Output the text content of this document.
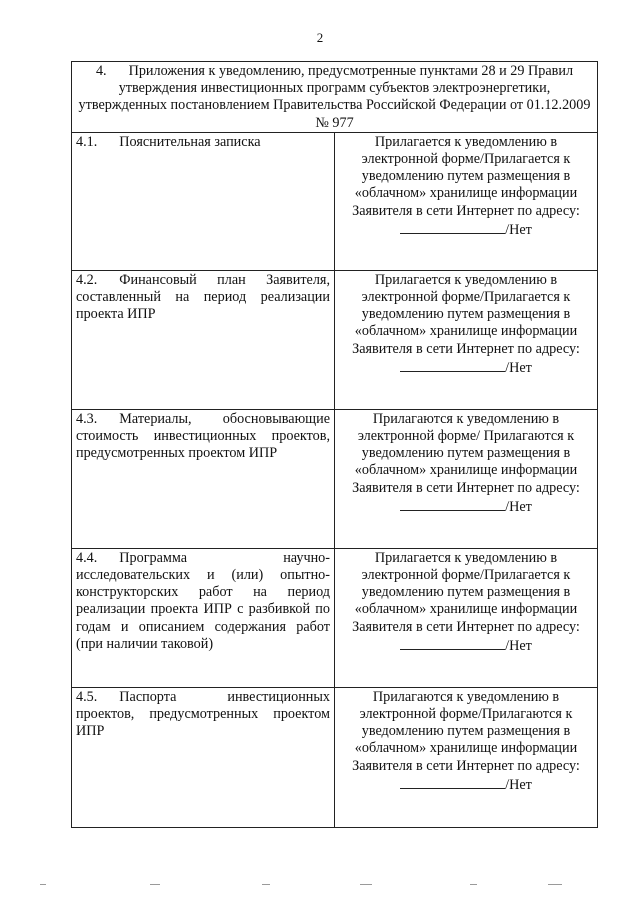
2
4. Приложения к уведомлению, предусмотренные пунктами 28 и 29 Правил утверждения инвестиционных программ субъектов электроэнергетики, утвержденных постановлением Правительства Российской Федерации от 01.12.2009 № 977	
4.1. Пояснительная записка	Прилагается к уведомлению в электронной форме/Прилагается к уведомлению путем размещения в «облачном» хранилище информации Заявителя в сети Интернет по адресу:/Нет
4.2. Финансовый план Заявителя, составленный на период реализации проекта ИПР	Прилагается к уведомлению в электронной форме/Прилагается к уведомлению путем размещения в «облачном» хранилище информации Заявителя в сети Интернет по адресу:/Нет
4.3. Материалы, обосновывающие стоимость инвестиционных проектов, предусмотренных проектом ИПР	Прилагаются к уведомлению в электронной форме/ Прилагаются к уведомлению путем размещения в «облачном» хранилище информации Заявителя в сети Интернет по адресу:/Нет
4.4. Программа научно-исследовательских и (или) опытно-конструкторских работ на период реализации проекта ИПР с разбивкой по годам и описанием содержания работ (при наличии таковой)	Прилагается к уведомлению в электронной форме/Прилагается к уведомлению путем размещения в «облачном» хранилище информации Заявителя в сети Интернет по адресу:/Нет
4.5. Паспорта инвестиционных проектов, предусмотренных проектом ИПР	Прилагаются к уведомлению в электронной форме/Прилагаются к уведомлению путем размещения в «облачном» хранилище информации Заявителя в сети Интернет по адресу:/Нет
